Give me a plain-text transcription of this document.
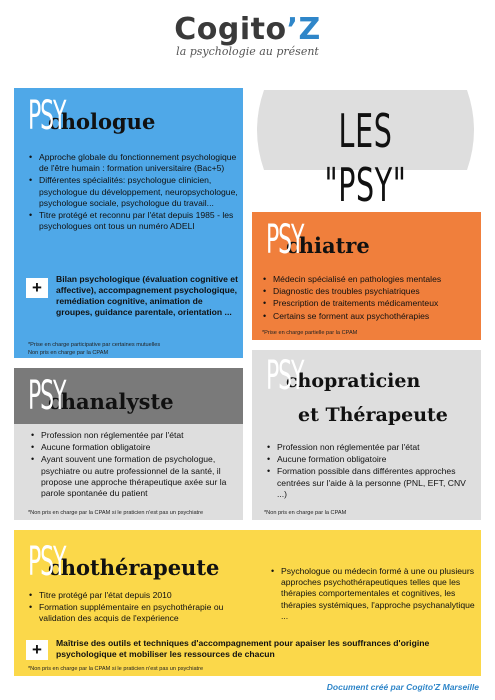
Cogito’Z
la psychologie au présent
PSY
chologue
• Approche globale du fonctionnement psychologique de l'être humain : formation universitaire (Bac+5)
• Différentes spécialités: psychologue clinicien, psychologue du développement, neuropsychologue, psychologue sociale, psychologue du travail...
• Titre protégé et reconnu par l'état depuis 1985 - les psychologues ont tous un numéro ADELI
+	Bilan psychologique (évaluation cognitive et affective), accompagnement psychologique, remédiation cognitive, animation de groupes, guidance parentale, orientation ...
*Prise en charge participative par certaines mutuelles
Non pris en charge par la CPAM
LES "PSY"
PSY
chiatre
• Médecin spécialisé en pathologies mentales
• Diagnostic des troubles psychiatriques
• Prescription de traitements médicamenteux
• Certains se forment aux psychothérapies
*Prise en charge partielle par la CPAM
PSY
chanalyste
• Profession non réglementée par l'état
• Aucune formation obligatoire
• Ayant souvent une formation de psychologue, psychiatre ou autre professionnel de la santé, il propose une approche thérapeutique axée sur la parole spontanée du patient
*Non pris en charge par la CPAM si le praticien n'est pas un psychiatre
PSY
chopraticien
et Thérapeute
• Profession non réglementée par l'état
• Aucune formation obligatoire
• Formation possible dans différentes approches centrées sur l'aide à la personne (PNL, EFT, CNV ...)
*Non pris en charge par la CPAM
PSY
chothérapeute
• Titre protégé par l'état depuis 2010
• Formation supplémentaire en psychothérapie ou validation des acquis de l'expérience
• Psychologue ou médecin formé à une ou plusieurs approches psychothérapeutiques telles que les thérapies comportementales et cognitives, les thérapies systémiques, l'approche psychanalytique ...
+	Maîtrise des outils et techniques d'accompagnement pour apaiser les souffrances d'origine psychologique et mobiliser les ressources de chacun
*Non pris en charge par la CPAM si le praticien n'est pas un psychiatre
Document créé par Cogito'Z Marseille
